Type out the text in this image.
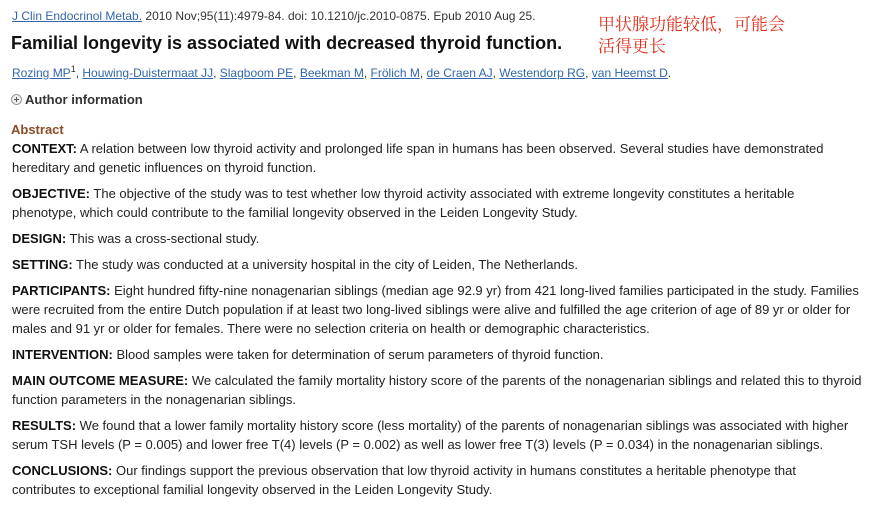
J Clin Endocrinol Metab. 2010 Nov;95(11):4979-84. doi: 10.1210/jc.2010-0875. Epub 2010 Aug 25.
Familial longevity is associated with decreased thyroid function.
甲状腺功能较低，可能会活得更长
Rozing $MP^1$, Houwing-Duistermaat JJ, Slagboom PE, Beekman M, Frölich M, de Craen AJ, Westendorp RG, van Heemst D.
Author information
Abstract

CONTEXT: A relation between low thyroid activity and prolonged life span in humans has been observed. Several studies have demonstrated hereditary and genetic influences on thyroid function.

OBJECTIVE: The objective of the study was to test whether low thyroid activity associated with extreme longevity constitutes a heritable phenotype, which could contribute to the familial longevity observed in the Leiden Longevity Study.

DESIGN: This was a cross-sectional study.

SETTING: The study was conducted at a university hospital in the city of Leiden, The Netherlands.

PARTICIPANTS: Eight hundred fifty-nine nonagenarian siblings (median age 92.9 yr) from 421 long-lived families participated in the study. Families were recruited from the entire Dutch population if at least two long-lived siblings were alive and fulfilled the age criterion of age of 89 yr or older for males and 91 yr or older for females. There were no selection criteria on health or demographic characteristics.

INTERVENTION: Blood samples were taken for determination of serum parameters of thyroid function.

MAIN OUTCOME MEASURE: We calculated the family mortality history score of the parents of the nonagenarian siblings and related this to thyroid function parameters in the nonagenarian siblings.

RESULTS: We found that a lower family mortality history score (less mortality) of the parents of nonagenarian siblings was associated with higher serum TSH levels (P = 0.005) and lower free T(4) levels (P = 0.002) as well as lower free T(3) levels (P = 0.034) in the nonagenarian siblings.

CONCLUSIONS: Our findings support the previous observation that low thyroid activity in humans constitutes a heritable phenotype that contributes to exceptional familial longevity observed in the Leiden Longevity Study.
